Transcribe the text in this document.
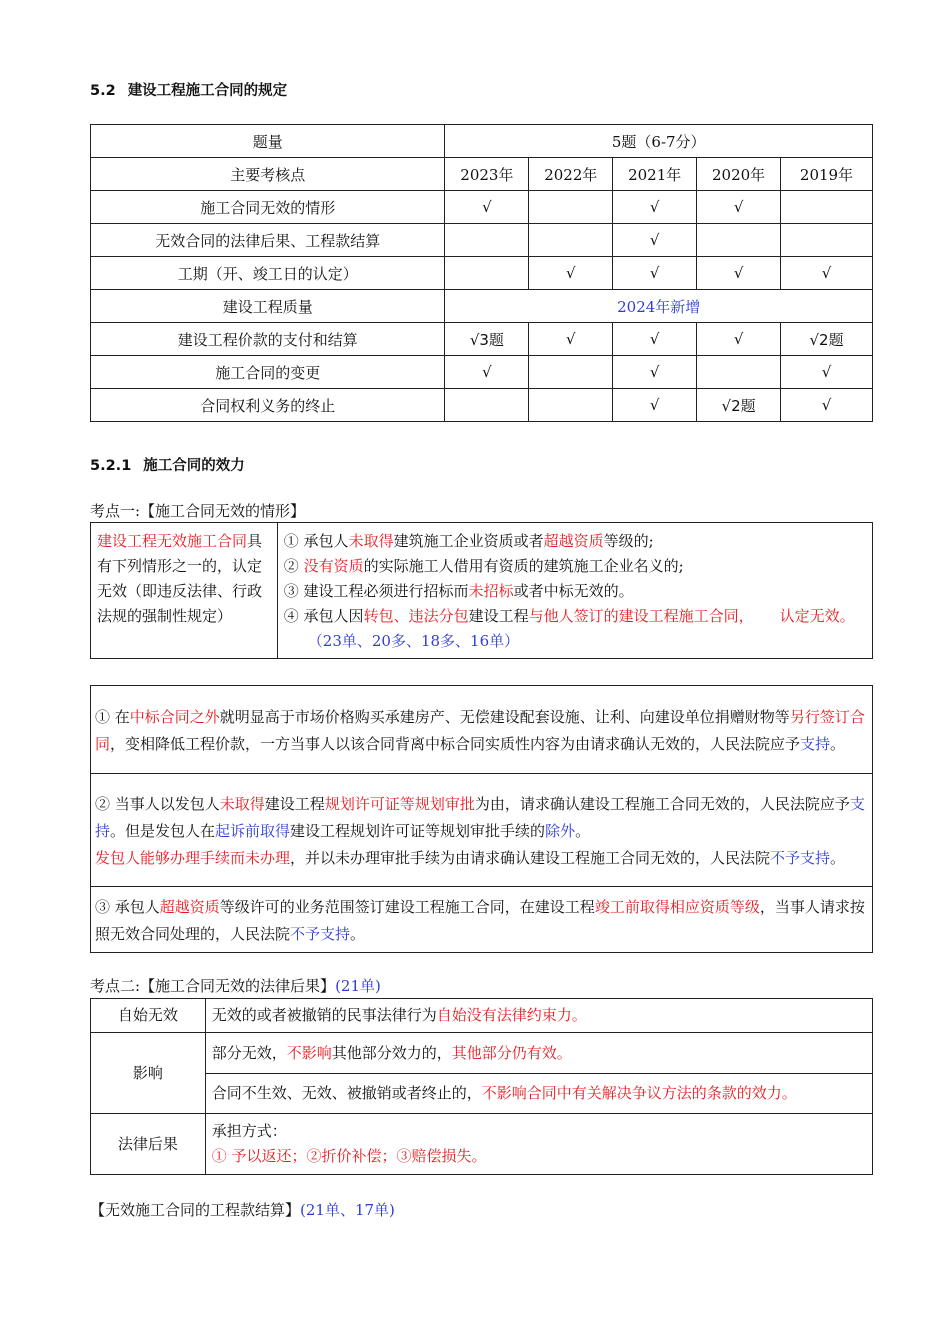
5.2 建设工程施工合同的规定
题量	5题（6-7分）				
主要考核点	2023年	2022年	2021年	2020年	2019年
施工合同无效的情形	√		√	√	
无效合同的法律后果、工程款结算			√		
工期（开、竣工日的认定）		√	√	√	√
建设工程质量	2024年新增				
建设工程价款的支付和结算	√3题	√	√	√	√2题
施工合同的变更	√		√		√
合同权利义务的终止			√	√2题	√
5.2.1 施工合同的效力
考点一:【施工合同无效的情形】
建设工程无效施工合同具有下列情形之一的，认定无效（即违反法律、行政法规的强制性规定）	
① 承包人未取得建筑施工企业资质或者超越资质等级的;
② 没有资质的实际施工人借用有资质的建筑施工企业名义的;
③ 建设工程必须进行招标而未招标或者中标无效的。
④ 承包人因转包、违法分包建设工程与他人签订的建设工程施工合同， 认定无效。（23单、20多、18多、16单）
① 在中标合同之外就明显高于市场价格购买承建房产、无偿建设配套设施、让利、向建设单位捐赠财物等另行签订合同，变相降低工程价款，一方当事人以该合同背离中标合同实质性内容为由请求确认无效的，人民法院应予支持。
② 当事人以发包人未取得建设工程规划许可证等规划审批为由，请求确认建设工程施工合同无效的，人民法院应予支持。但是发包人在起诉前取得建设工程规划许可证等规划审批手续的除外。
发包人能够办理手续而未办理，并以未办理审批手续为由请求确认建设工程施工合同无效的，人民法院不予支持。
③ 承包人超越资质等级许可的业务范围签订建设工程施工合同，在建设工程竣工前取得相应资质等级，当事人请求按照无效合同处理的，人民法院不予支持。
考点二:【施工合同无效的法律后果】(21单)
自始无效	无效的或者被撤销的民事法律行为自始没有法律约束力。
影响	部分无效，不影响其他部分效力的，其他部分仍有效。
	合同不生效、无效、被撤销或者终止的，不影响合同中有关解决争议方法的条款的效力。
法律后果	承担方式：
① 予以返还；②折价补偿；③赔偿损失。
【无效施工合同的工程款结算】(21单、17单)
